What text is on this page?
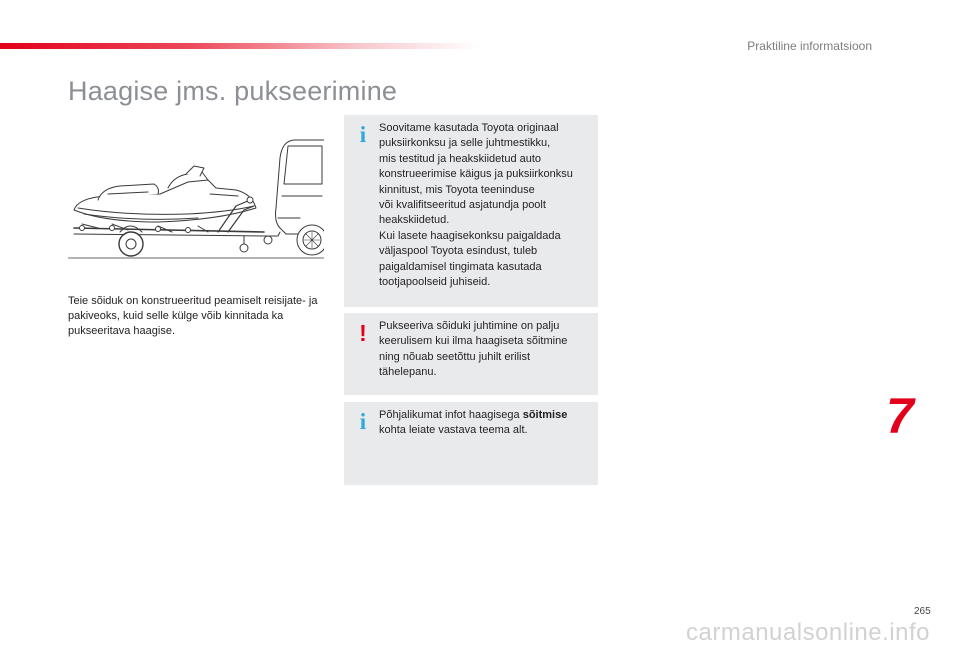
Praktiline informatsioon
Haagise jms. pukseerimine

Teie sõiduk on konstrueeritud peamiselt reisijate- ja pakiveoks, kuid selle külge võib kinnitada ka pukseeritava haagise.

i Soovitame kasutada Toyota originaal
puksiirkonksu ja selle juhtmestikku,
mis testitud ja heakskiidetud auto
konstrueerimise käigus ja puksiirkonksu
kinnitust, mis Toyota teeninduse
või kvalifitseeritud asjatundja poolt
heakskiidetud.
Kui lasete haagisekonksu paigaldada
väljaspool Toyota esindust, tuleb
paigaldamisel tingimata kasutada
tootjapoolseid juhiseid.

! Pukseeriva sõiduki juhtimine on palju
keerulisem kui ilma haagiseta sõitmine
ning nõuab seetõttu juhilt erilist
tähelepanu.

i Põhjalikumat infot haagisega sõitmise
kohta leiate vastava teema alt.	7
265
carmanualsonline.info
